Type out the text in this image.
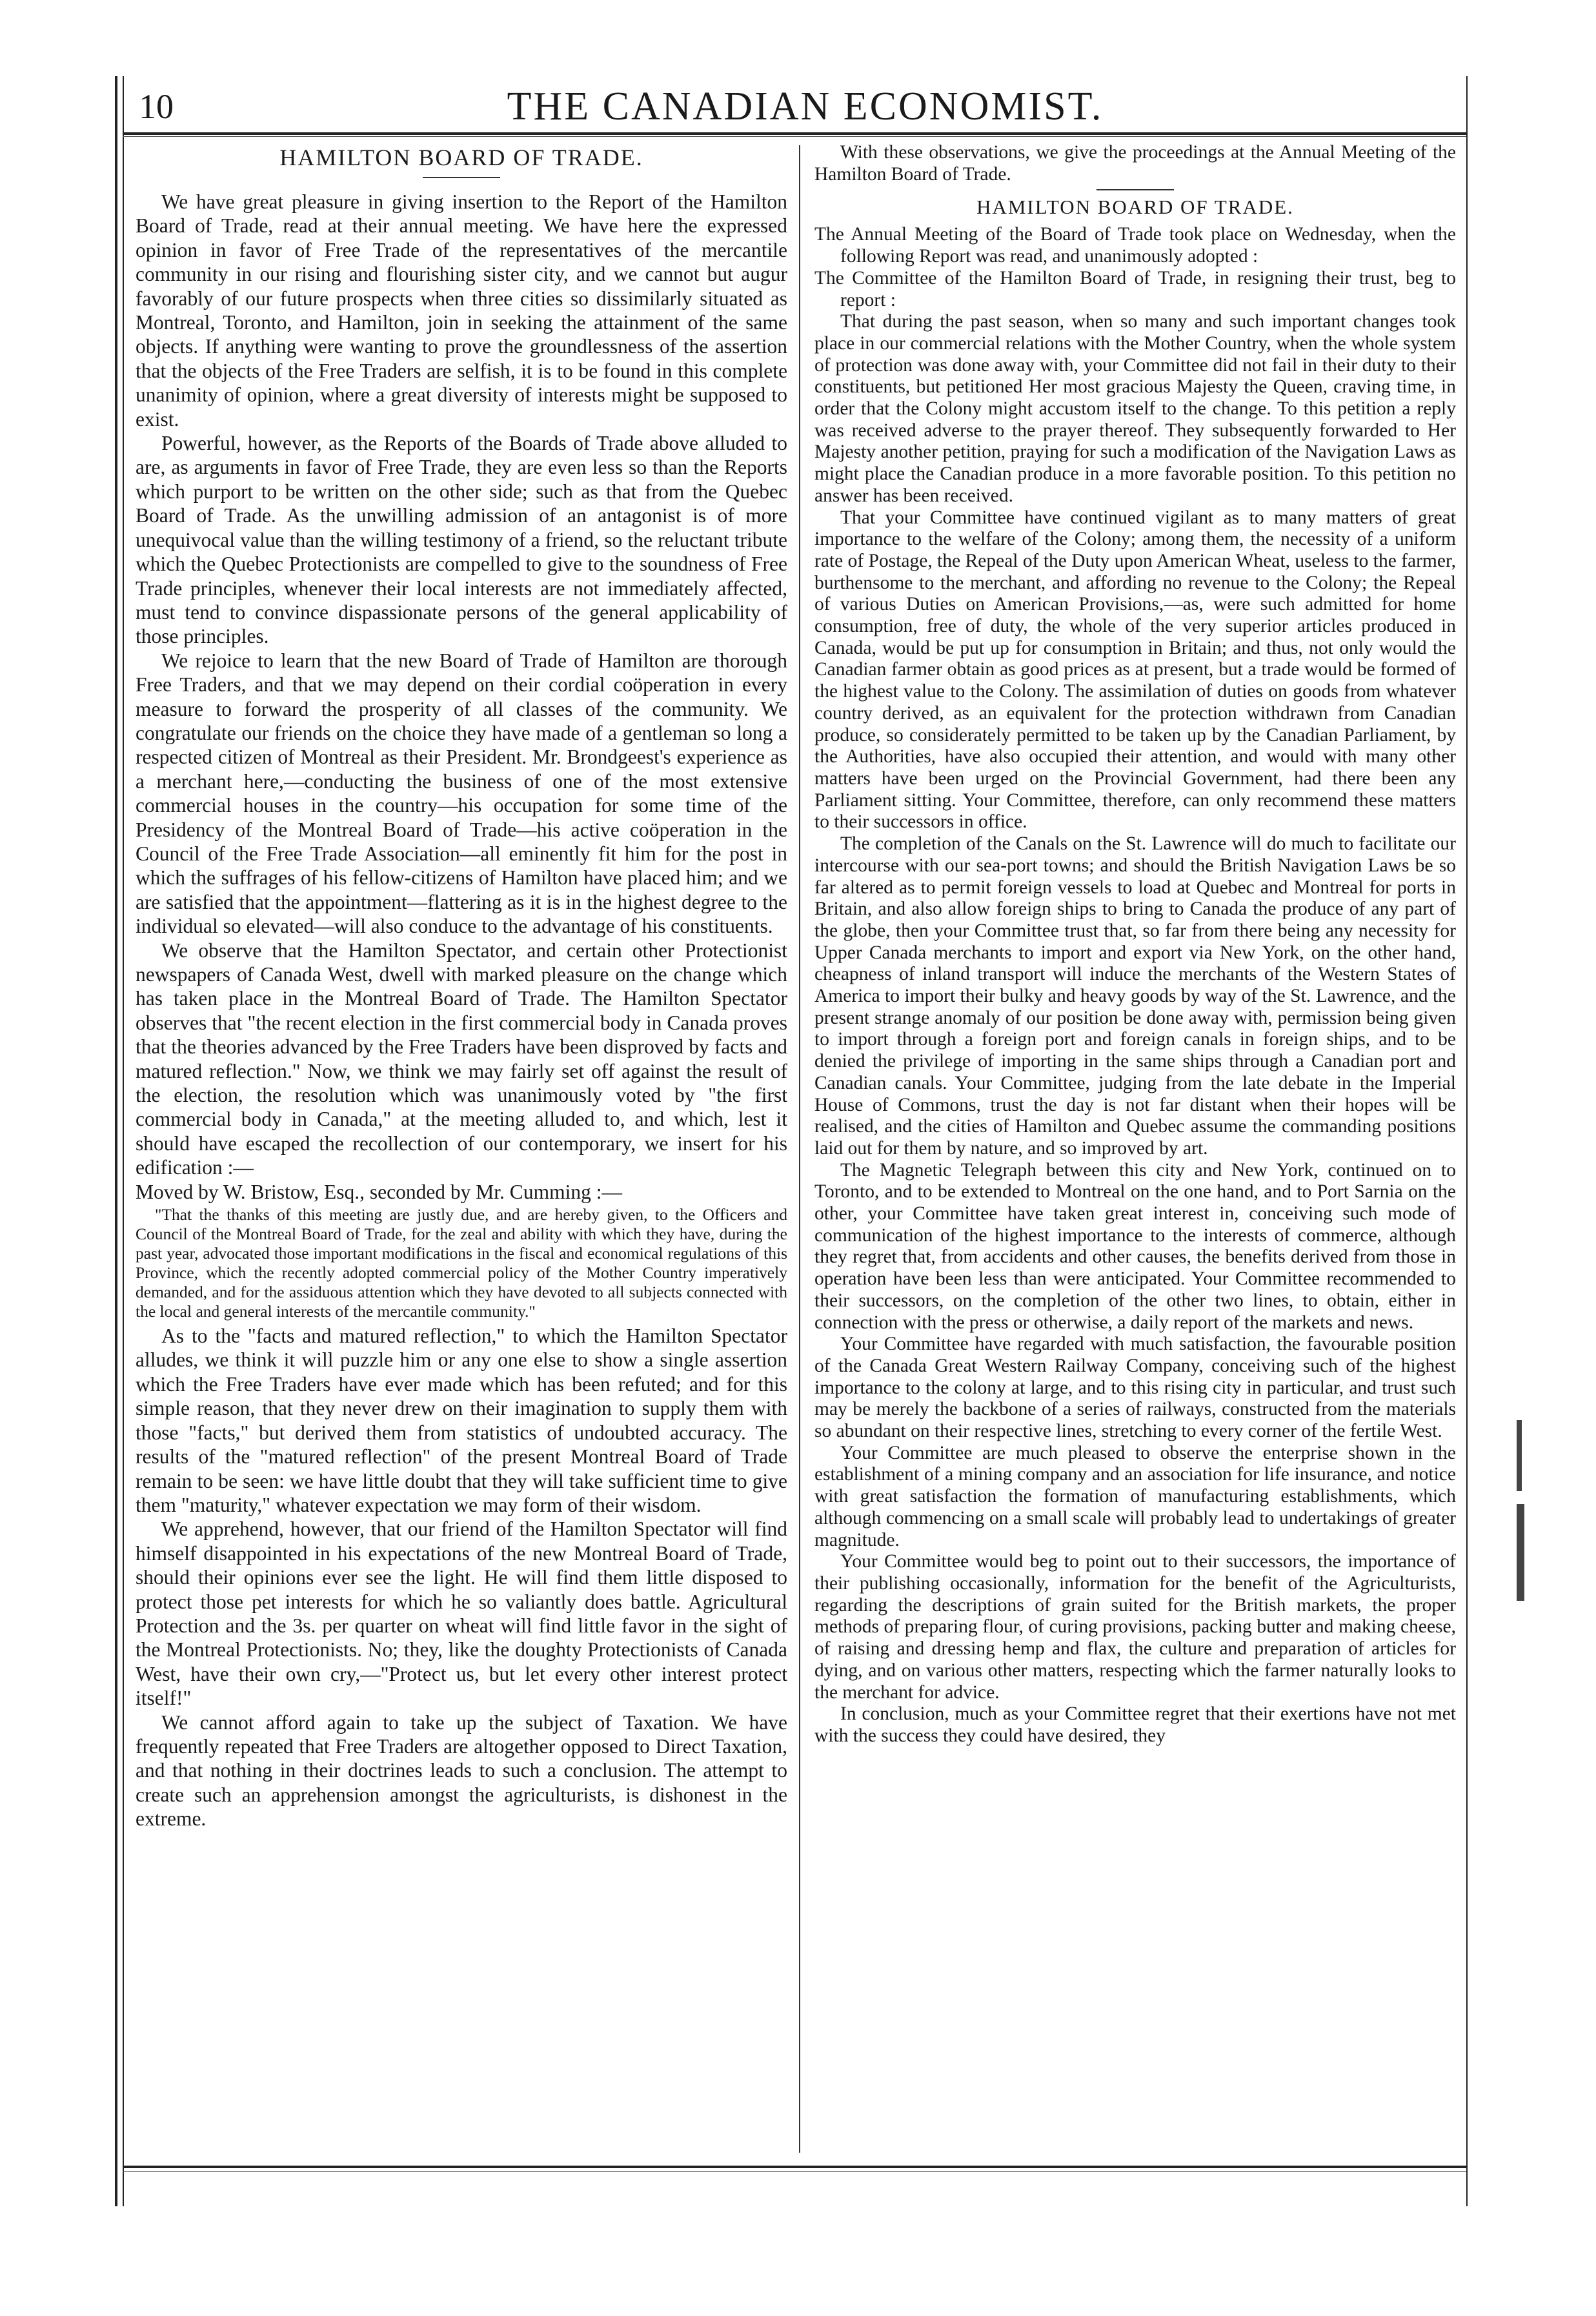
10	THE CANADIAN ECONOMIST.
HAMILTON BOARD OF TRADE.

We have great pleasure in giving insertion to the Report of the Hamilton Board of Trade, read at their annual meeting. We have here the expressed opinion in favor of Free Trade of the representatives of the mercantile community in our rising and flourishing sister city, and we cannot but augur favorably of our future prospects when three cities so dissimilarly situated as Montreal, Toronto, and Hamilton, join in seeking the attainment of the same objects. If anything were wanting to prove the groundlessness of the assertion that the objects of the Free Traders are selfish, it is to be found in this complete unanimity of opinion, where a great diversity of interests might be supposed to exist.

Powerful, however, as the Reports of the Boards of Trade above alluded to are, as arguments in favor of Free Trade, they are even less so than the Reports which purport to be written on the other side; such as that from the Quebec Board of Trade. As the unwilling admission of an antagonist is of more unequivocal value than the willing testimony of a friend, so the reluctant tribute which the Quebec Protectionists are compelled to give to the soundness of Free Trade principles, whenever their local interests are not immediately affected, must tend to convince dispassionate persons of the general applicability of those principles.

We rejoice to learn that the new Board of Trade of Hamilton are thorough Free Traders, and that we may depend on their cordial coöperation in every measure to forward the prosperity of all classes of the community. We congratulate our friends on the choice they have made of a gentleman so long a respected citizen of Montreal as their President. Mr. Brondgeest's experience as a merchant here,—conducting the business of one of the most extensive commercial houses in the country—his occupation for some time of the Presidency of the Montreal Board of Trade—his active coöperation in the Council of the Free Trade Association—all eminently fit him for the post in which the suffrages of his fellow-citizens of Hamilton have placed him; and we are satisfied that the appointment—flattering as it is in the highest degree to the individual so elevated—will also conduce to the advantage of his constituents.

We observe that the Hamilton Spectator, and certain other Protectionist newspapers of Canada West, dwell with marked pleasure on the change which has taken place in the Montreal Board of Trade. The Hamilton Spectator observes that "the recent election in the first commercial body in Canada proves that the theories advanced by the Free Traders have been disproved by facts and matured reflection." Now, we think we may fairly set off against the result of the election, the resolution which was unanimously voted by "the first commercial body in Canada," at the meeting alluded to, and which, lest it should have escaped the recollection of our contemporary, we insert for his edification :—

Moved by W. Bristow, Esq., seconded by Mr. Cumming :—

"That the thanks of this meeting are justly due, and are hereby given, to the Officers and Council of the Montreal Board of Trade, for the zeal and ability with which they have, during the past year, advocated those important modifications in the fiscal and economical regulations of this Province, which the recently adopted commercial policy of the Mother Country imperatively demanded, and for the assiduous attention which they have devoted to all subjects connected with the local and general interests of the mercantile community."

As to the "facts and matured reflection," to which the Hamilton Spectator alludes, we think it will puzzle him or any one else to show a single assertion which the Free Traders have ever made which has been refuted; and for this simple reason, that they never drew on their imagination to supply them with those "facts," but derived them from statistics of undoubted accuracy. The results of the "matured reflection" of the present Montreal Board of Trade remain to be seen: we have little doubt that they will take sufficient time to give them "maturity," whatever expectation we may form of their wisdom.

We apprehend, however, that our friend of the Hamilton Spectator will find himself disappointed in his expectations of the new Montreal Board of Trade, should their opinions ever see the light. He will find them little disposed to protect those pet interests for which he so valiantly does battle. Agricultural Protection and the 3s. per quarter on wheat will find little favor in the sight of the Montreal Protectionists. No; they, like the doughty Protectionists of Canada West, have their own cry,—"Protect us, but let every other interest protect itself!"

We cannot afford again to take up the subject of Taxation. We have frequently repeated that Free Traders are altogether opposed to Direct Taxation, and that nothing in their doctrines leads to such a conclusion. The attempt to create such an apprehension amongst the agriculturists, is dishonest in the extreme.

With these observations, we give the proceedings at the Annual Meeting of the Hamilton Board of Trade.

HAMILTON BOARD OF TRADE.

The Annual Meeting of the Board of Trade took place on Wednesday, when the following Report was read, and unanimously adopted :

The Committee of the Hamilton Board of Trade, in resigning their trust, beg to report :

That during the past season, when so many and such important changes took place in our commercial relations with the Mother Country, when the whole system of protection was done away with, your Committee did not fail in their duty to their constituents, but petitioned Her most gracious Majesty the Queen, craving time, in order that the Colony might accustom itself to the change. To this petition a reply was received adverse to the prayer thereof. They subsequently forwarded to Her Majesty another petition, praying for such a modification of the Navigation Laws as might place the Canadian produce in a more favorable position. To this petition no answer has been received.

That your Committee have continued vigilant as to many matters of great importance to the welfare of the Colony; among them, the necessity of a uniform rate of Postage, the Repeal of the Duty upon American Wheat, useless to the farmer, burthensome to the merchant, and affording no revenue to the Colony; the Repeal of various Duties on American Provisions,—as, were such admitted for home consumption, free of duty, the whole of the very superior articles produced in Canada, would be put up for consumption in Britain; and thus, not only would the Canadian farmer obtain as good prices as at present, but a trade would be formed of the highest value to the Colony. The assimilation of duties on goods from whatever country derived, as an equivalent for the protection withdrawn from Canadian produce, so considerately permitted to be taken up by the Canadian Parliament, by the Authorities, have also occupied their attention, and would with many other matters have been urged on the Provincial Government, had there been any Parliament sitting. Your Committee, therefore, can only recommend these matters to their successors in office.

The completion of the Canals on the St. Lawrence will do much to facilitate our intercourse with our sea-port towns; and should the British Navigation Laws be so far altered as to permit foreign vessels to load at Quebec and Montreal for ports in Britain, and also allow foreign ships to bring to Canada the produce of any part of the globe, then your Committee trust that, so far from there being any necessity for Upper Canada merchants to import and export via New York, on the other hand, cheapness of inland transport will induce the merchants of the Western States of America to import their bulky and heavy goods by way of the St. Lawrence, and the present strange anomaly of our position be done away with, permission being given to import through a foreign port and foreign canals in foreign ships, and to be denied the privilege of importing in the same ships through a Canadian port and Canadian canals. Your Committee, judging from the late debate in the Imperial House of Commons, trust the day is not far distant when their hopes will be realised, and the cities of Hamilton and Quebec assume the commanding positions laid out for them by nature, and so improved by art.

The Magnetic Telegraph between this city and New York, continued on to Toronto, and to be extended to Montreal on the one hand, and to Port Sarnia on the other, your Committee have taken great interest in, conceiving such mode of communication of the highest importance to the interests of commerce, although they regret that, from accidents and other causes, the benefits derived from those in operation have been less than were anticipated. Your Committee recommended to their successors, on the completion of the other two lines, to obtain, either in connection with the press or otherwise, a daily report of the markets and news.

Your Committee have regarded with much satisfaction, the favourable position of the Canada Great Western Railway Company, conceiving such of the highest importance to the colony at large, and to this rising city in particular, and trust such may be merely the backbone of a series of railways, constructed from the materials so abundant on their respective lines, stretching to every corner of the fertile West.

Your Committee are much pleased to observe the enterprise shown in the establishment of a mining company and an association for life insurance, and notice with great satisfaction the formation of manufacturing establishments, which although commencing on a small scale will probably lead to undertakings of greater magnitude.

Your Committee would beg to point out to their successors, the importance of their publishing occasionally, information for the benefit of the Agriculturists, regarding the descriptions of grain suited for the British markets, the proper methods of preparing flour, of curing provisions, packing butter and making cheese, of raising and dressing hemp and flax, the culture and preparation of articles for dying, and on various other matters, respecting which the farmer naturally looks to the merchant for advice.

In conclusion, much as your Committee regret that their exertions have not met with the success they could have desired, they
